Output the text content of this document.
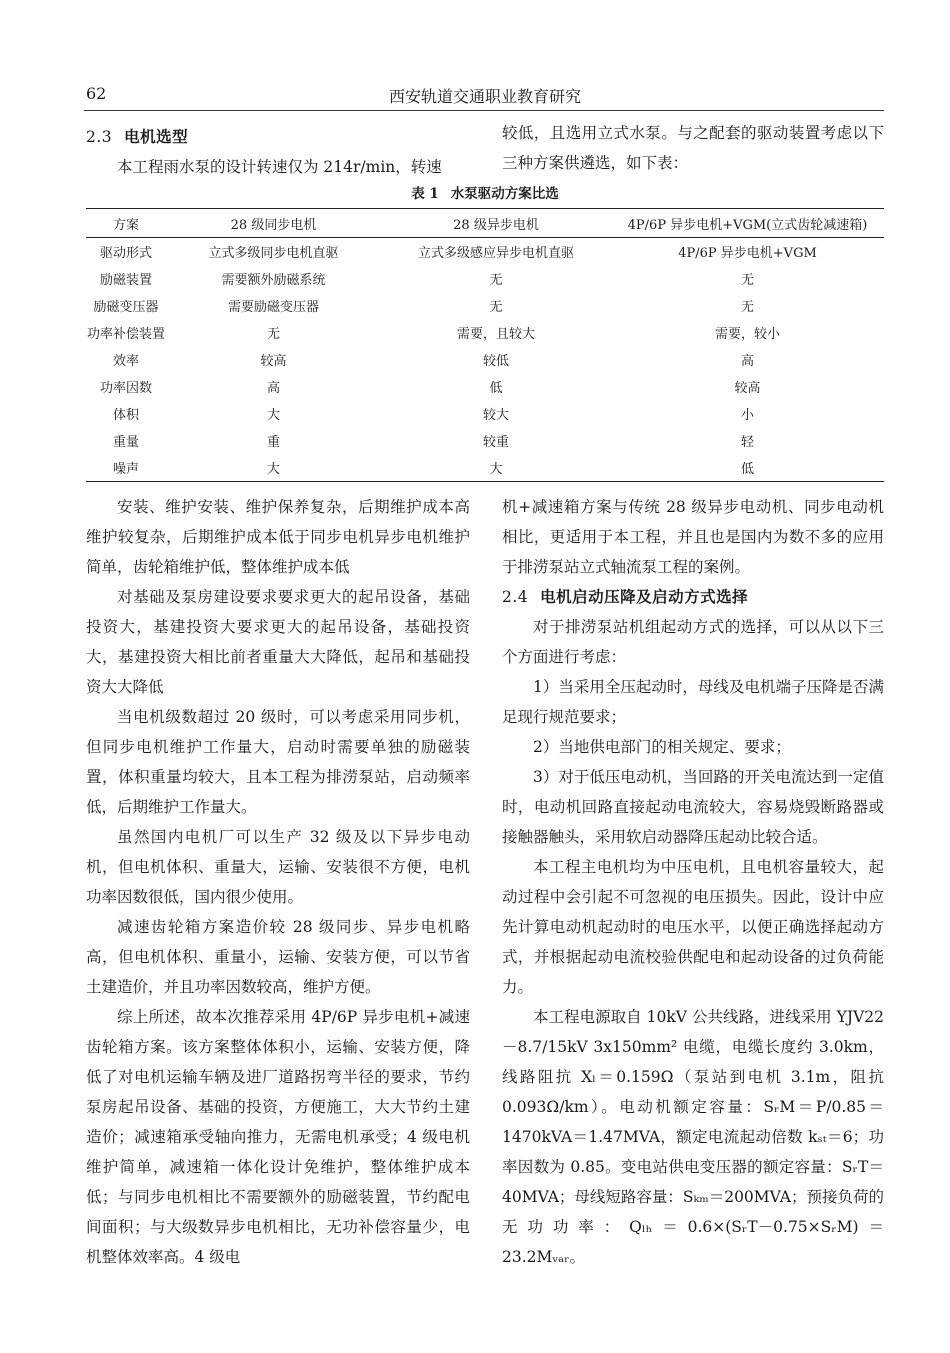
62	西安轨道交通职业教育研究

2.3 电机选型

本工程雨水泵的设计转速仅为 214r/min，转速

较低，且选用立式水泵。与之配套的驱动装置考虑以下三种方案供遴选，如下表：

表 1 水泵驱动方案比选
方案	28 级同步电机	28 级异步电机	4P/6P 异步电机+VGM(立式齿轮减速箱)
驱动形式	立式多级同步电机直驱	立式多级感应异步电机直驱	4P/6P 异步电机+VGM
励磁装置	需要额外励磁系统	无	无
励磁变压器	需要励磁变压器	无	无
功率补偿装置	无	需要，且较大	需要，较小
效率	较高	较低	高
功率因数	高	低	较高
体积	大	较大	小
重量	重	较重	轻
噪声	大	大	低

安装、维护安装、维护保养复杂，后期维护成本高维护较复杂，后期维护成本低于同步电机异步电机维护简单，齿轮箱维护低，整体维护成本低

对基础及泵房建设要求要求更大的起吊设备，基础投资大，基建投资大要求更大的起吊设备，基础投资大，基建投资大相比前者重量大大降低，起吊和基础投资大大降低

当电机级数超过 20 级时，可以考虑采用同步机，但同步电机维护工作量大，启动时需要单独的励磁装置，体积重量均较大，且本工程为排涝泵站，启动频率低，后期维护工作量大。

虽然国内电机厂可以生产 32 级及以下异步电动机，但电机体积、重量大，运输、安装很不方便，电机功率因数很低，国内很少使用。

减速齿轮箱方案造价较 28 级同步、异步电机略高，但电机体积、重量小，运输、安装方便，可以节省土建造价，并且功率因数较高，维护方便。

综上所述，故本次推荐采用 4P/6P 异步电机+减速齿轮箱方案。该方案整体体积小，运输、安装方便，降低了对电机运输车辆及进厂道路拐弯半径的要求，节约泵房起吊设备、基础的投资，方便施工，大大节约土建造价；减速箱承受轴向推力，无需电机承受；4 级电机维护简单，减速箱一体化设计免维护，整体维护成本低；与同步电机相比不需要额外的励磁装置，节约配电间面积；与大级数异步电机相比，无功补偿容量少，电机整体效率高。4 级电

机+减速箱方案与传统 28 级异步电动机、同步电动机相比，更适用于本工程，并且也是国内为数不多的应用于排涝泵站立式轴流泵工程的案例。

2.4 电机启动压降及启动方式选择

对于排涝泵站机组起动方式的选择，可以从以下三个方面进行考虑：

1）当采用全压起动时，母线及电机端子压降是否满足现行规范要求；

2）当地供电部门的相关规定、要求；

3）对于低压电动机，当回路的开关电流达到一定值时，电动机回路直接起动电流较大，容易烧毁断路器或接触器触头，采用软启动器降压起动比较合适。

本工程主电机均为中压电机，且电机容量较大，起动过程中会引起不可忽视的电压损失。因此，设计中应先计算电动机起动时的电压水平，以便正确选择起动方式，并根据起动电流校验供配电和起动设备的过负荷能力。

本工程电源取自 10kV 公共线路，进线采用 YJV22－8.7/15kV 3x150mm² 电缆，电缆长度约 3.0km，线路阻抗 Xₗ＝0.159Ω（泵站到电机 3.1m，阻抗 0.093Ω/km）。电动机额定容量：SᵣM＝P/0.85＝1470kVA＝1.47MVA，额定电流起动倍数 kₛₜ＝6；功率因数为 0.85。变电站供电变压器的额定容量：SᵣT＝40MVA；母线短路容量：Sₖₘ＝200MVA；预接负荷的无功功率：Qₗₕ＝0.6×(SᵣT－0.75×SᵣM)＝23.2Mᵥₐᵣ。
